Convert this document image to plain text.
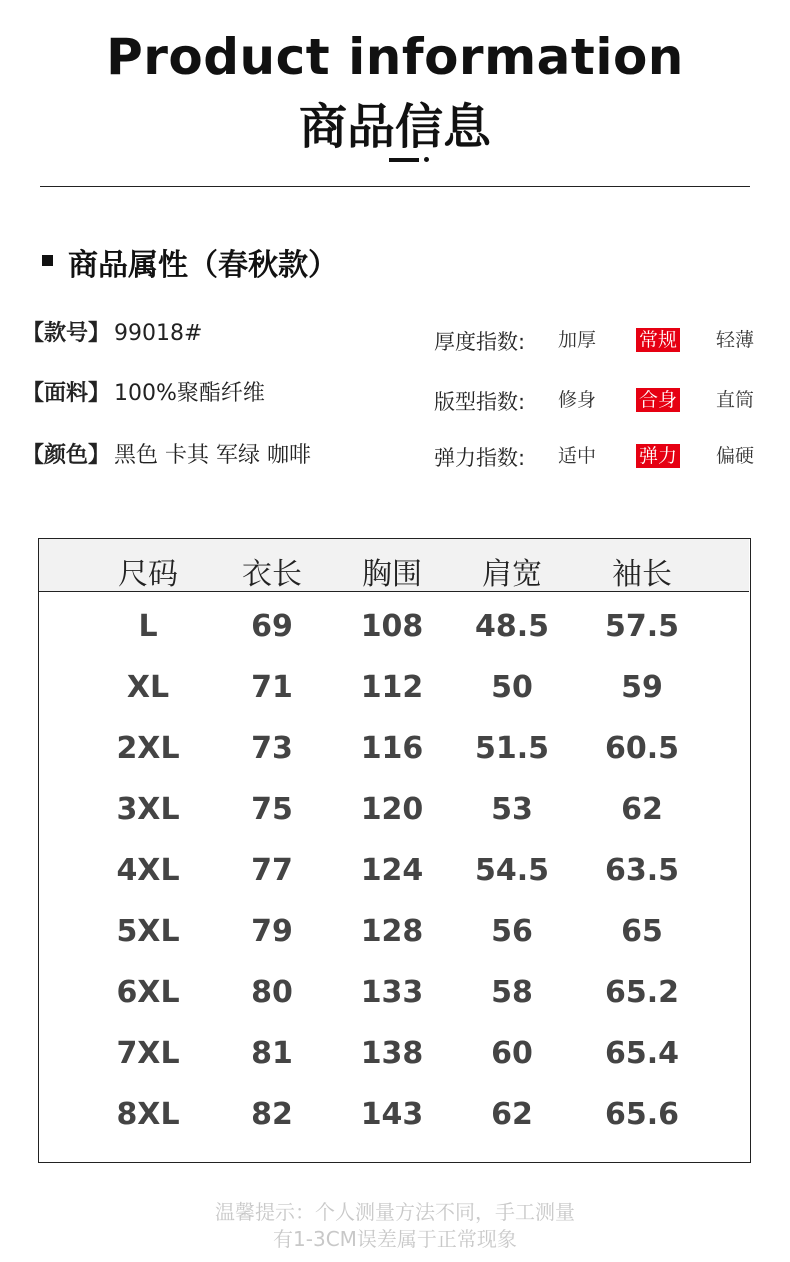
Product information
商品信息
商品属性（春秋款）
【款号】 99018#
【面料】 100%聚酯纤维
【颜色】 黑色 卡其 军绿 咖啡
厚度指数: 加厚 常规 轻薄
版型指数: 修身 合身 直筒
弹力指数: 适中 弹力 偏硬
尺码	衣长	胸围	肩宽	袖长
L	69	108	48.5	57.5
XL	71	112	50	59
2XL	73	116	51.5	60.5
3XL	75	120	53	62
4XL	77	124	54.5	63.5
5XL	79	128	56	65
6XL	80	133	58	65.2
7XL	81	138	60	65.4
8XL	82	143	62	65.6
温馨提示：个人测量方法不同，手工测量
有1-3CM误差属于正常现象
